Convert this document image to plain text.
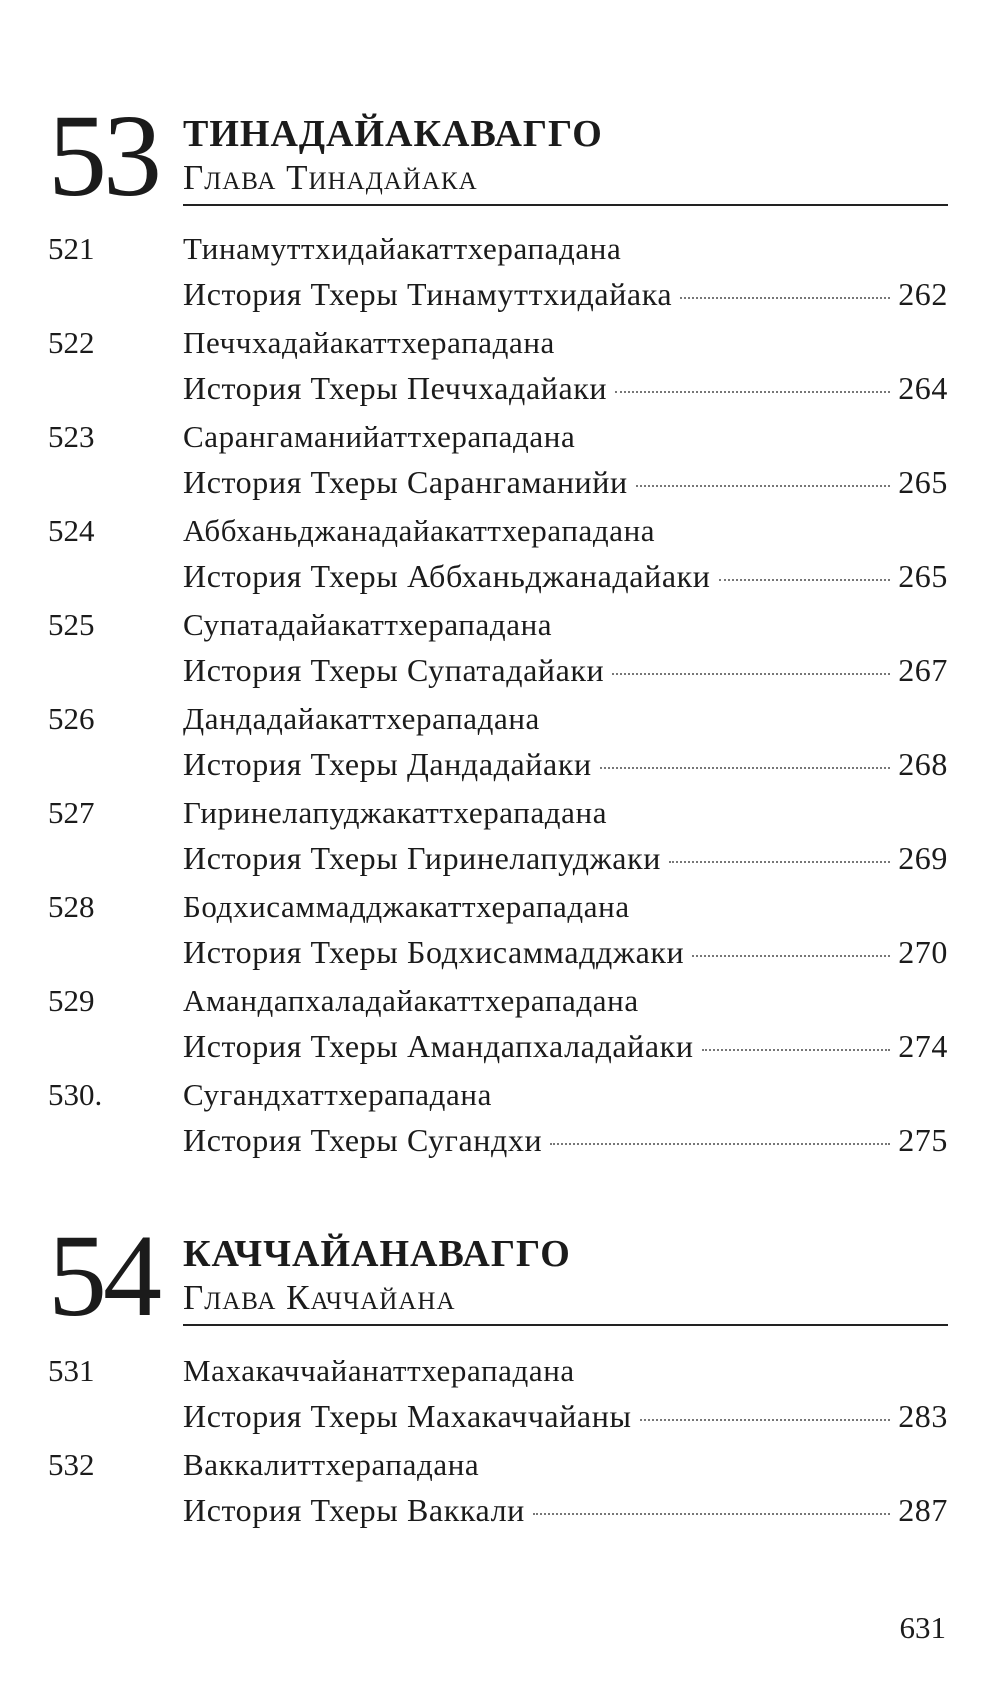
53 ТИНАДАЙАКАВАГГО
Глава Тинадайака
521	Тинамуттхидайакаттхерападана
История Тхеры Тинамуттхидайака	262
522	Печчхадайакаттхерападана
История Тхеры Печчхадайаки	264
523	Сарангаманийаттхерападана
История Тхеры Сарангаманийи	265
524	Аббханьджанадайакаттхерападана
История Тхеры Аббханьджанадайаки	265
525	Супатадайакаттхерападана
История Тхеры Супатадайаки	267
526	Дандадайакаттхерападана
История Тхеры Дандадайаки	268
527	Гиринелапуджакаттхерападана
История Тхеры Гиринелапуджаки	269
528	Бодхисаммадджакаттхерападана
История Тхеры Бодхисаммадджаки	270
529	Амандапхаладайакаттхерападана
История Тхеры Амандапхаладайаки	274
530.	Сугандхаттхерападана
История Тхеры Сугандхи	275
54 КАЧЧАЙАНАВАГГО
Глава Каччайана
531	Махакаччайанаттхерападана
История Тхеры Махакаччайаны	283
532	Ваккалиттхерападана
История Тхеры Ваккали	287
631
